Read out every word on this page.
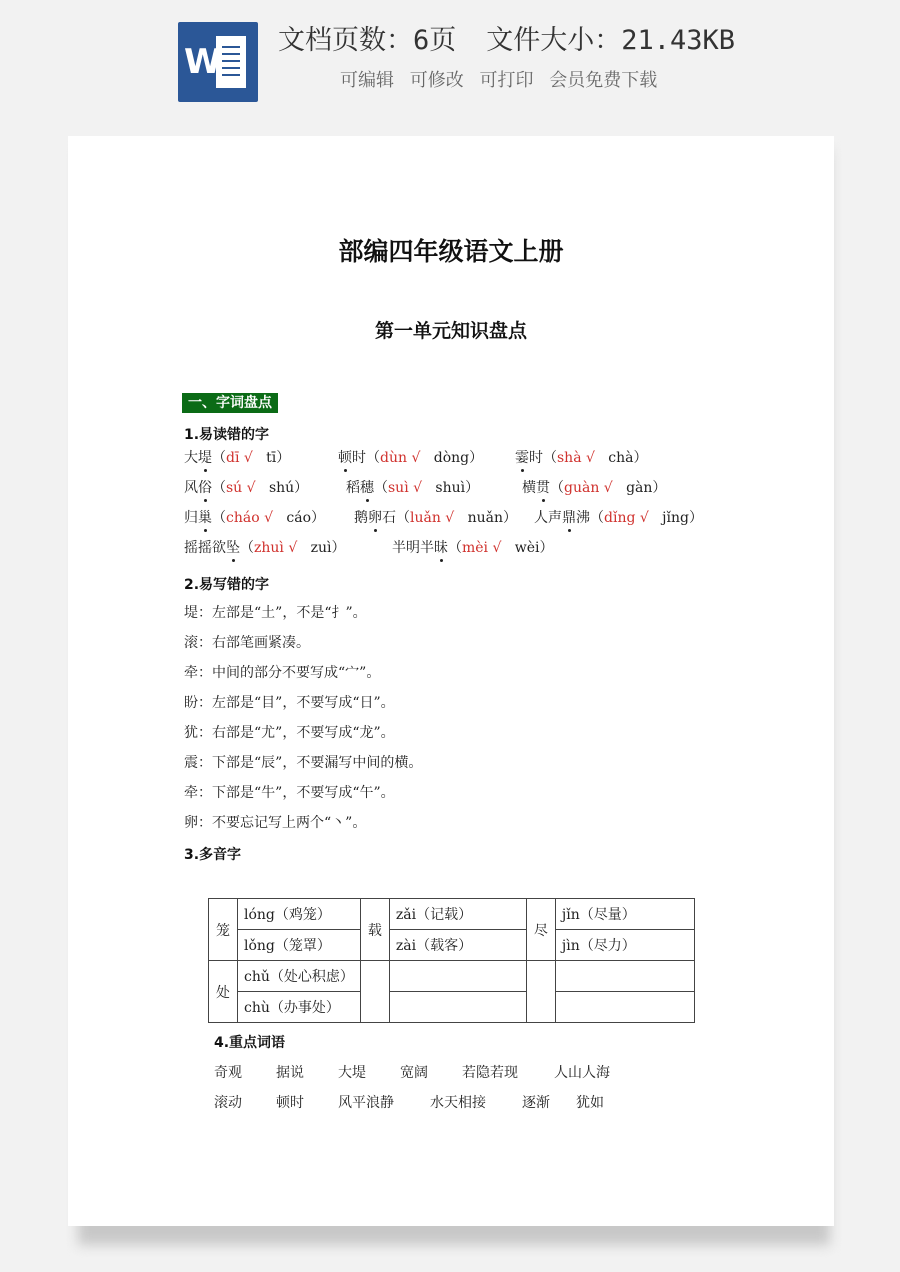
W
文档页数：6页 文件大小：21.43KB
可编辑 可修改 可打印 会员免费下载
部编四年级语文上册
第一单元知识盘点
一、字词盘点
1.易读错的字
大堤（dī √ tī）	顿时（dùn √ dòng） 霎时（shà √ chà）
风俗（sú √ shú）	稻穗（suì √ shuì）	横贯（guàn √ gàn）
归巢（cháo √ cáo） 鹅卵石（luǎn √ nuǎn） 人声鼎沸（dǐng √ jǐng）
摇摇欲坠（zhuì √ zuì）	半明半昧（mèi √ wèi）
2.易写错的字
堤：左部是“土”，不是“扌”。
滚：右部笔画紧凑。
牵：中间的部分不要写成“宀”。
盼：左部是“目”，不要写成“日”。
犹：右部是“尤”，不要写成“龙”。
震：下部是“辰”，不要漏写中间的横。
牵：下部是“牛”，不要写成“午”。
卵：不要忘记写上两个“丶”。
3.多音字
笼	lóng（鸡笼）	载	zǎi（记载）	尽	jǐn（尽量）
	lǒng（笼罩）		zài（载客）		jìn（尽力）
处	chǔ（处心积虑）				
	chù（办事处）				
4.重点词语
奇观 据说 大堤 宽阔 若隐若现	人山人海
滚动 顿时 风平浪静	水天相接	逐渐 犹如
